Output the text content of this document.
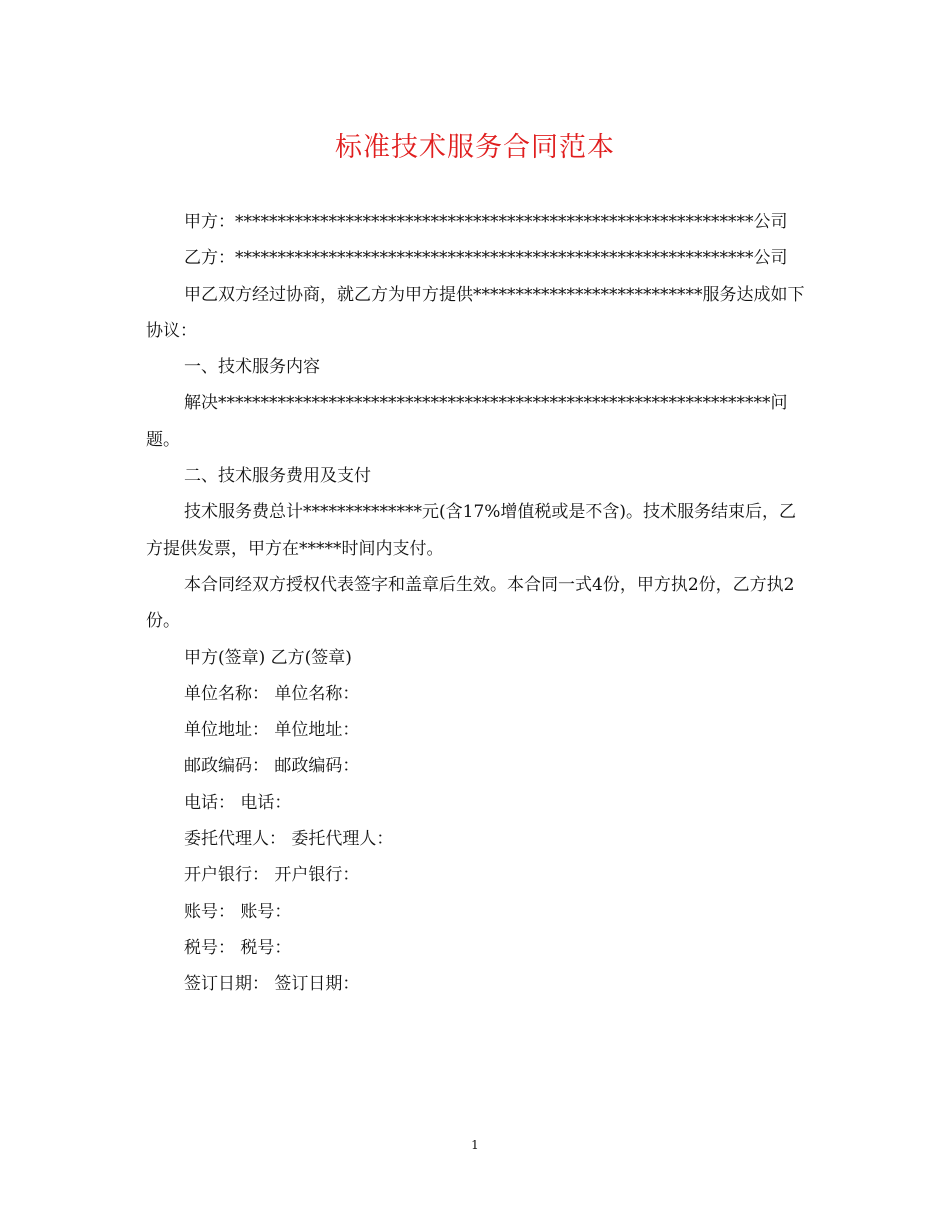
标准技术服务合同范本

甲方：*************************************************************公司

乙方：*************************************************************公司

甲乙双方经过协商，就乙方为甲方提供***************************服务达成如下协议：

一、技术服务内容

解决*****************************************************************问题。

二、技术服务费用及支付

技术服务费总计**************元(含17%增值税或是不含)。技术服务结束后，乙方提供发票，甲方在*****时间内支付。

本合同经双方授权代表签字和盖章后生效。本合同一式4份，甲方执2份，乙方执2份。

甲方(签章) 乙方(签章)

单位名称： 单位名称：

单位地址： 单位地址：

邮政编码： 邮政编码：

电话： 电话：

委托代理人： 委托代理人：

开户银行： 开户银行：

账号： 账号：

税号： 税号：

签订日期： 签订日期：

1
